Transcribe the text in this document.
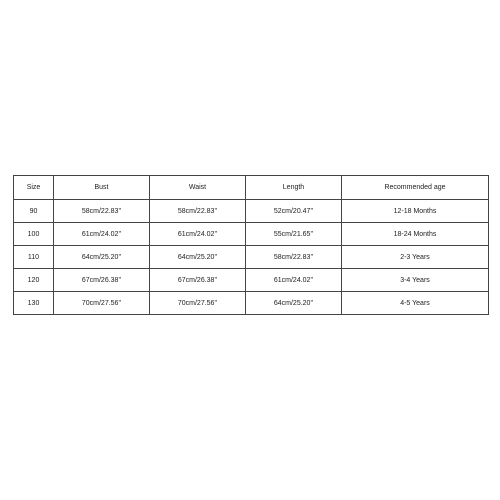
Size	Bust	Waist	Length	Recommended age
90	58cm/22.83''	58cm/22.83''	52cm/20.47''	12-18 Months
100	61cm/24.02''	61cm/24.02''	55cm/21.65''	18-24 Months
110	64cm/25.20''	64cm/25.20''	58cm/22.83''	2-3 Years
120	67cm/26.38''	67cm/26.38''	61cm/24.02''	3-4 Years
130	70cm/27.56''	70cm/27.56''	64cm/25.20''	4-5 Years
